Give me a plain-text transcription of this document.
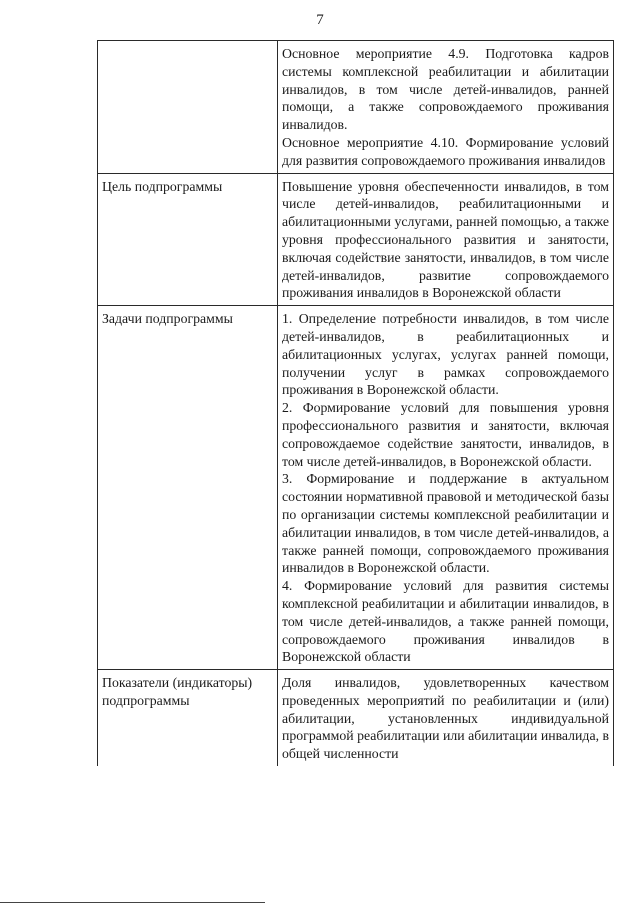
7

	Основное мероприятие 4.9. Подготовка кадров системы комплексной реабилитации и абилитации инвалидов, в том числе детей-инвалидов, ранней помощи, а также сопровождаемого проживания инвалидов.

Основное мероприятие 4.10. Формирование условий для развития сопровождаемого проживания инвалидов

Цель подпрограммы	Повышение уровня обеспеченности инвалидов, в том числе детей-инвалидов, реабилитационными и абилитационными услугами, ранней помощью, а также уровня профессионального развития и занятости, включая содействие занятости, инвалидов, в том числе детей-инвалидов, развитие сопровождаемого проживания инвалидов в Воронежской области

Задачи подпрограммы	1. Определение потребности инвалидов, в том числе детей-инвалидов, в реабилитационных и абилитационных услугах, услугах ранней помощи, получении услуг в рамках сопровождаемого проживания в Воронежской области.

2. Формирование условий для повышения уровня профессионального развития и занятости, включая сопровождаемое содействие занятости, инвалидов, в том числе детей-инвалидов, в Воронежской области.

3. Формирование и поддержание в актуальном состоянии нормативной правовой и методической базы по организации системы комплексной реабилитации и абилитации инвалидов, в том числе детей-инвалидов, а также ранней помощи, сопровождаемого проживания инвалидов в Воронежской области.

4. Формирование условий для развития системы комплексной реабилитации и абилитации инвалидов, в том числе детей-инвалидов, а также ранней помощи, сопровождаемого проживания инвалидов в Воронежской области

Показатели (индикаторы) подпрограммы	Доля инвалидов, удовлетворенных качеством проведенных мероприятий по реабилитации и (или) абилитации, установленных индивидуальной программой реабилитации или абилитации инвалида, в общей численности
